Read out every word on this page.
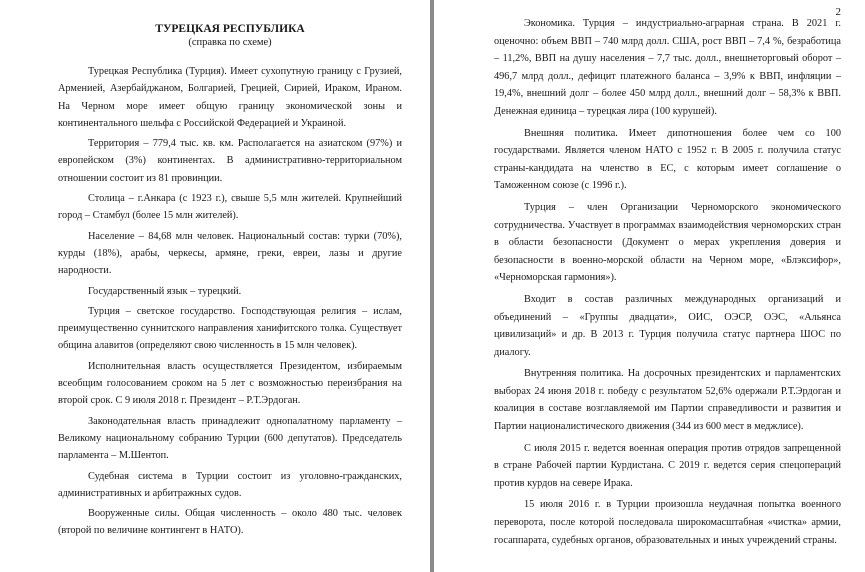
ТУРЕЦКАЯ РЕСПУБЛИКА

(справка по схеме)

Турецкая Республика (Турция). Имеет сухопутную границу с Грузией, Арменией, Азербайджаном, Болгарией, Грецией, Сирией, Ираком, Ираном. На Черном море имеет общую границу экономической зоны и континентального шельфа с Российской Федерацией и Украиной.

Территория – 779,4 тыс. кв. км. Располагается на азиатском (97%) и европейском (3%) континентах. В административно-территориальном отношении состоит из 81 провинции.

Столица – г.Анкара (с 1923 г.), свыше 5,5 млн жителей. Крупнейший город – Стамбул (более 15 млн жителей).

Население – 84,68 млн человек. Национальный состав: турки (70%), курды (18%), арабы, черкесы, армяне, греки, евреи, лазы и другие народности.

Государственный язык – турецкий.

Турция – светское государство. Господствующая религия – ислам, преимущественно суннитского направления ханифитского толка. Существует община алавитов (определяют свою численность в 15 млн человек).

Исполнительная власть осуществляется Президентом, избираемым всеобщим голосованием сроком на 5 лет с возможностью переизбрания на второй срок. С 9 июля 2018 г. Президент – Р.Т.Эрдоган.

Законодательная власть принадлежит однопалатному парламенту – Великому национальному собранию Турции (600 депутатов). Председатель парламента – М.Шентоп.

Судебная система в Турции состоит из уголовно-гражданских, административных и арбитражных судов.

Вооруженные силы. Общая численность – около 480 тыс. человек (второй по величине контингент в НАТО).

2

Экономика. Турция – индустриально-аграрная страна. В 2021 г. оценочно: объем ВВП – 740 млрд долл. США, рост ВВП – 7,4 %, безработица – 11,2%, ВВП на душу населения – 7,7 тыс. долл., внешнеторговый оборот – 496,7 млрд долл., дефицит платежного баланса – 3,9% к ВВП, инфляции – 19,4%, внешний долг – более 450 млрд долл., внешний долг – 58,3% к ВВП. Денежная единица – турецкая лира (100 курушей).

Внешняя политика. Имеет дипотношения более чем со 100 государствами. Является членом НАТО с 1952 г. В 2005 г. получила статус страны-кандидата на членство в ЕС, с которым имеет соглашение о Таможенном союзе (с 1996 г.).

Турция – член Организации Черноморского экономического сотрудничества. Участвует в программах взаимодействия черноморских стран в области безопасности (Документ о мерах укрепления доверия и безопасности в военно-морской области на Черном море, «Блэксифор», «Черноморская гармония»).

Входит в состав различных международных организаций и объединений – «Группы двадцати», ОИС, ОЭСР, ОЭС, «Альянса цивилизаций» и др. В 2013 г. Турция получила статус партнера ШОС по диалогу.

Внутренняя политика. На досрочных президентских и парламентских выборах 24 июня 2018 г. победу с результатом 52,6% одержали Р.Т.Эрдоган и коалиция в составе возглавляемой им Партии справедливости и развития и Партии националистического движения (344 из 600 мест в меджлисе).

С июля 2015 г. ведется военная операция против отрядов запрещенной в стране Рабочей партии Курдистана. С 2019 г. ведется серия спецопераций против курдов на севере Ирака.

15 июля 2016 г. в Турции произошла неудачная попытка военного переворота, после которой последовала широкомасштабная «чистка» армии, госаппарата, судебных органов, образовательных и иных учреждений страны.
